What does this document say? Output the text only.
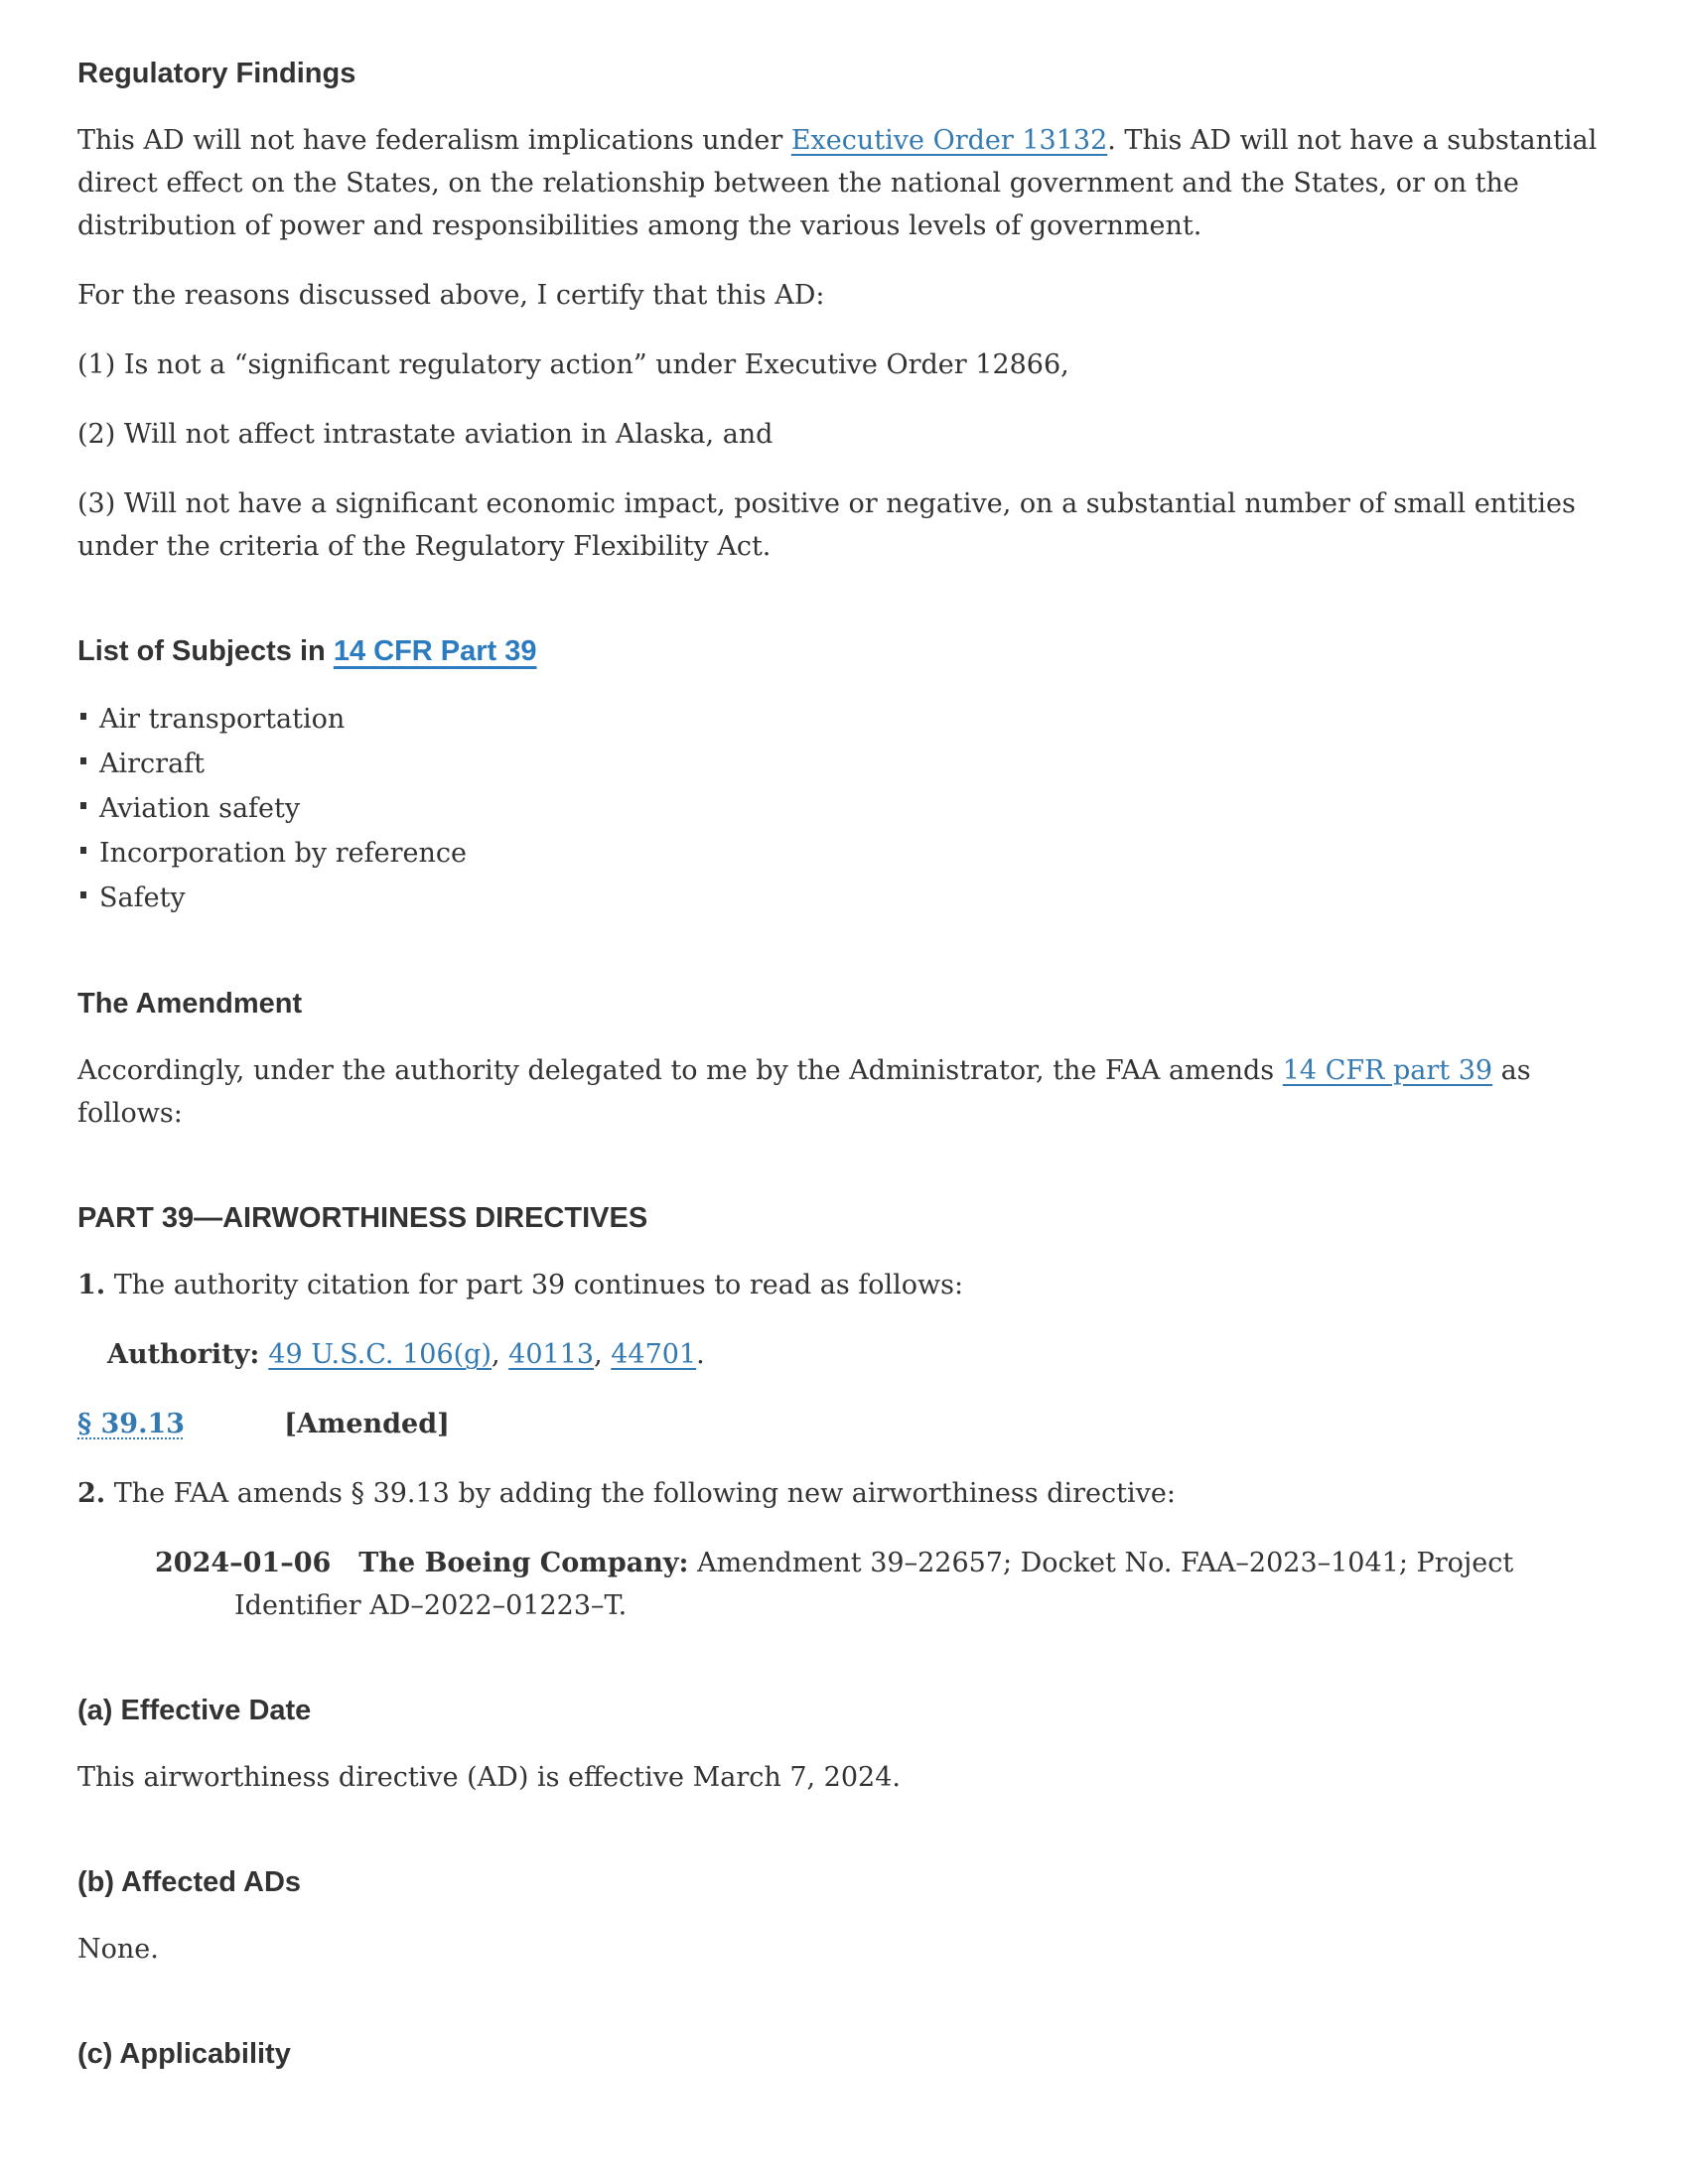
Regulatory Findings

This AD will not have federalism implications under Executive Order 13132. This AD will not have a substantial direct effect on the States, on the relationship between the national government and the States, or on the distribution of power and responsibilities among the various levels of government.

For the reasons discussed above, I certify that this AD:

(1) Is not a “significant regulatory action” under Executive Order 12866,

(2) Will not affect intrastate aviation in Alaska, and

(3) Will not have a significant economic impact, positive or negative, on a substantial number of small entities under the criteria of the Regulatory Flexibility Act.

List of Subjects in 14 CFR Part 39
Air transportation
Aircraft
Aviation safety
Incorporation by reference
Safety
The Amendment

Accordingly, under the authority delegated to me by the Administrator, the FAA amends 14 CFR part 39 as follows:

PART 39—AIRWORTHINESS DIRECTIVES

1. The authority citation for part 39 continues to read as follows:

Authority: 49 U.S.C. 106(g), 40113, 44701.

§ 39.13	[Amended]

2. The FAA amends § 39.13 by adding the following new airworthiness directive:

2024–01–06 The Boeing Company: Amendment 39–22657; Docket No. FAA–2023–1041; Project Identifier AD–2022–01223–T.
(a) Effective Date

This airworthiness directive (AD) is effective March 7, 2024.

(b) Affected ADs

None.

(c) Applicability
